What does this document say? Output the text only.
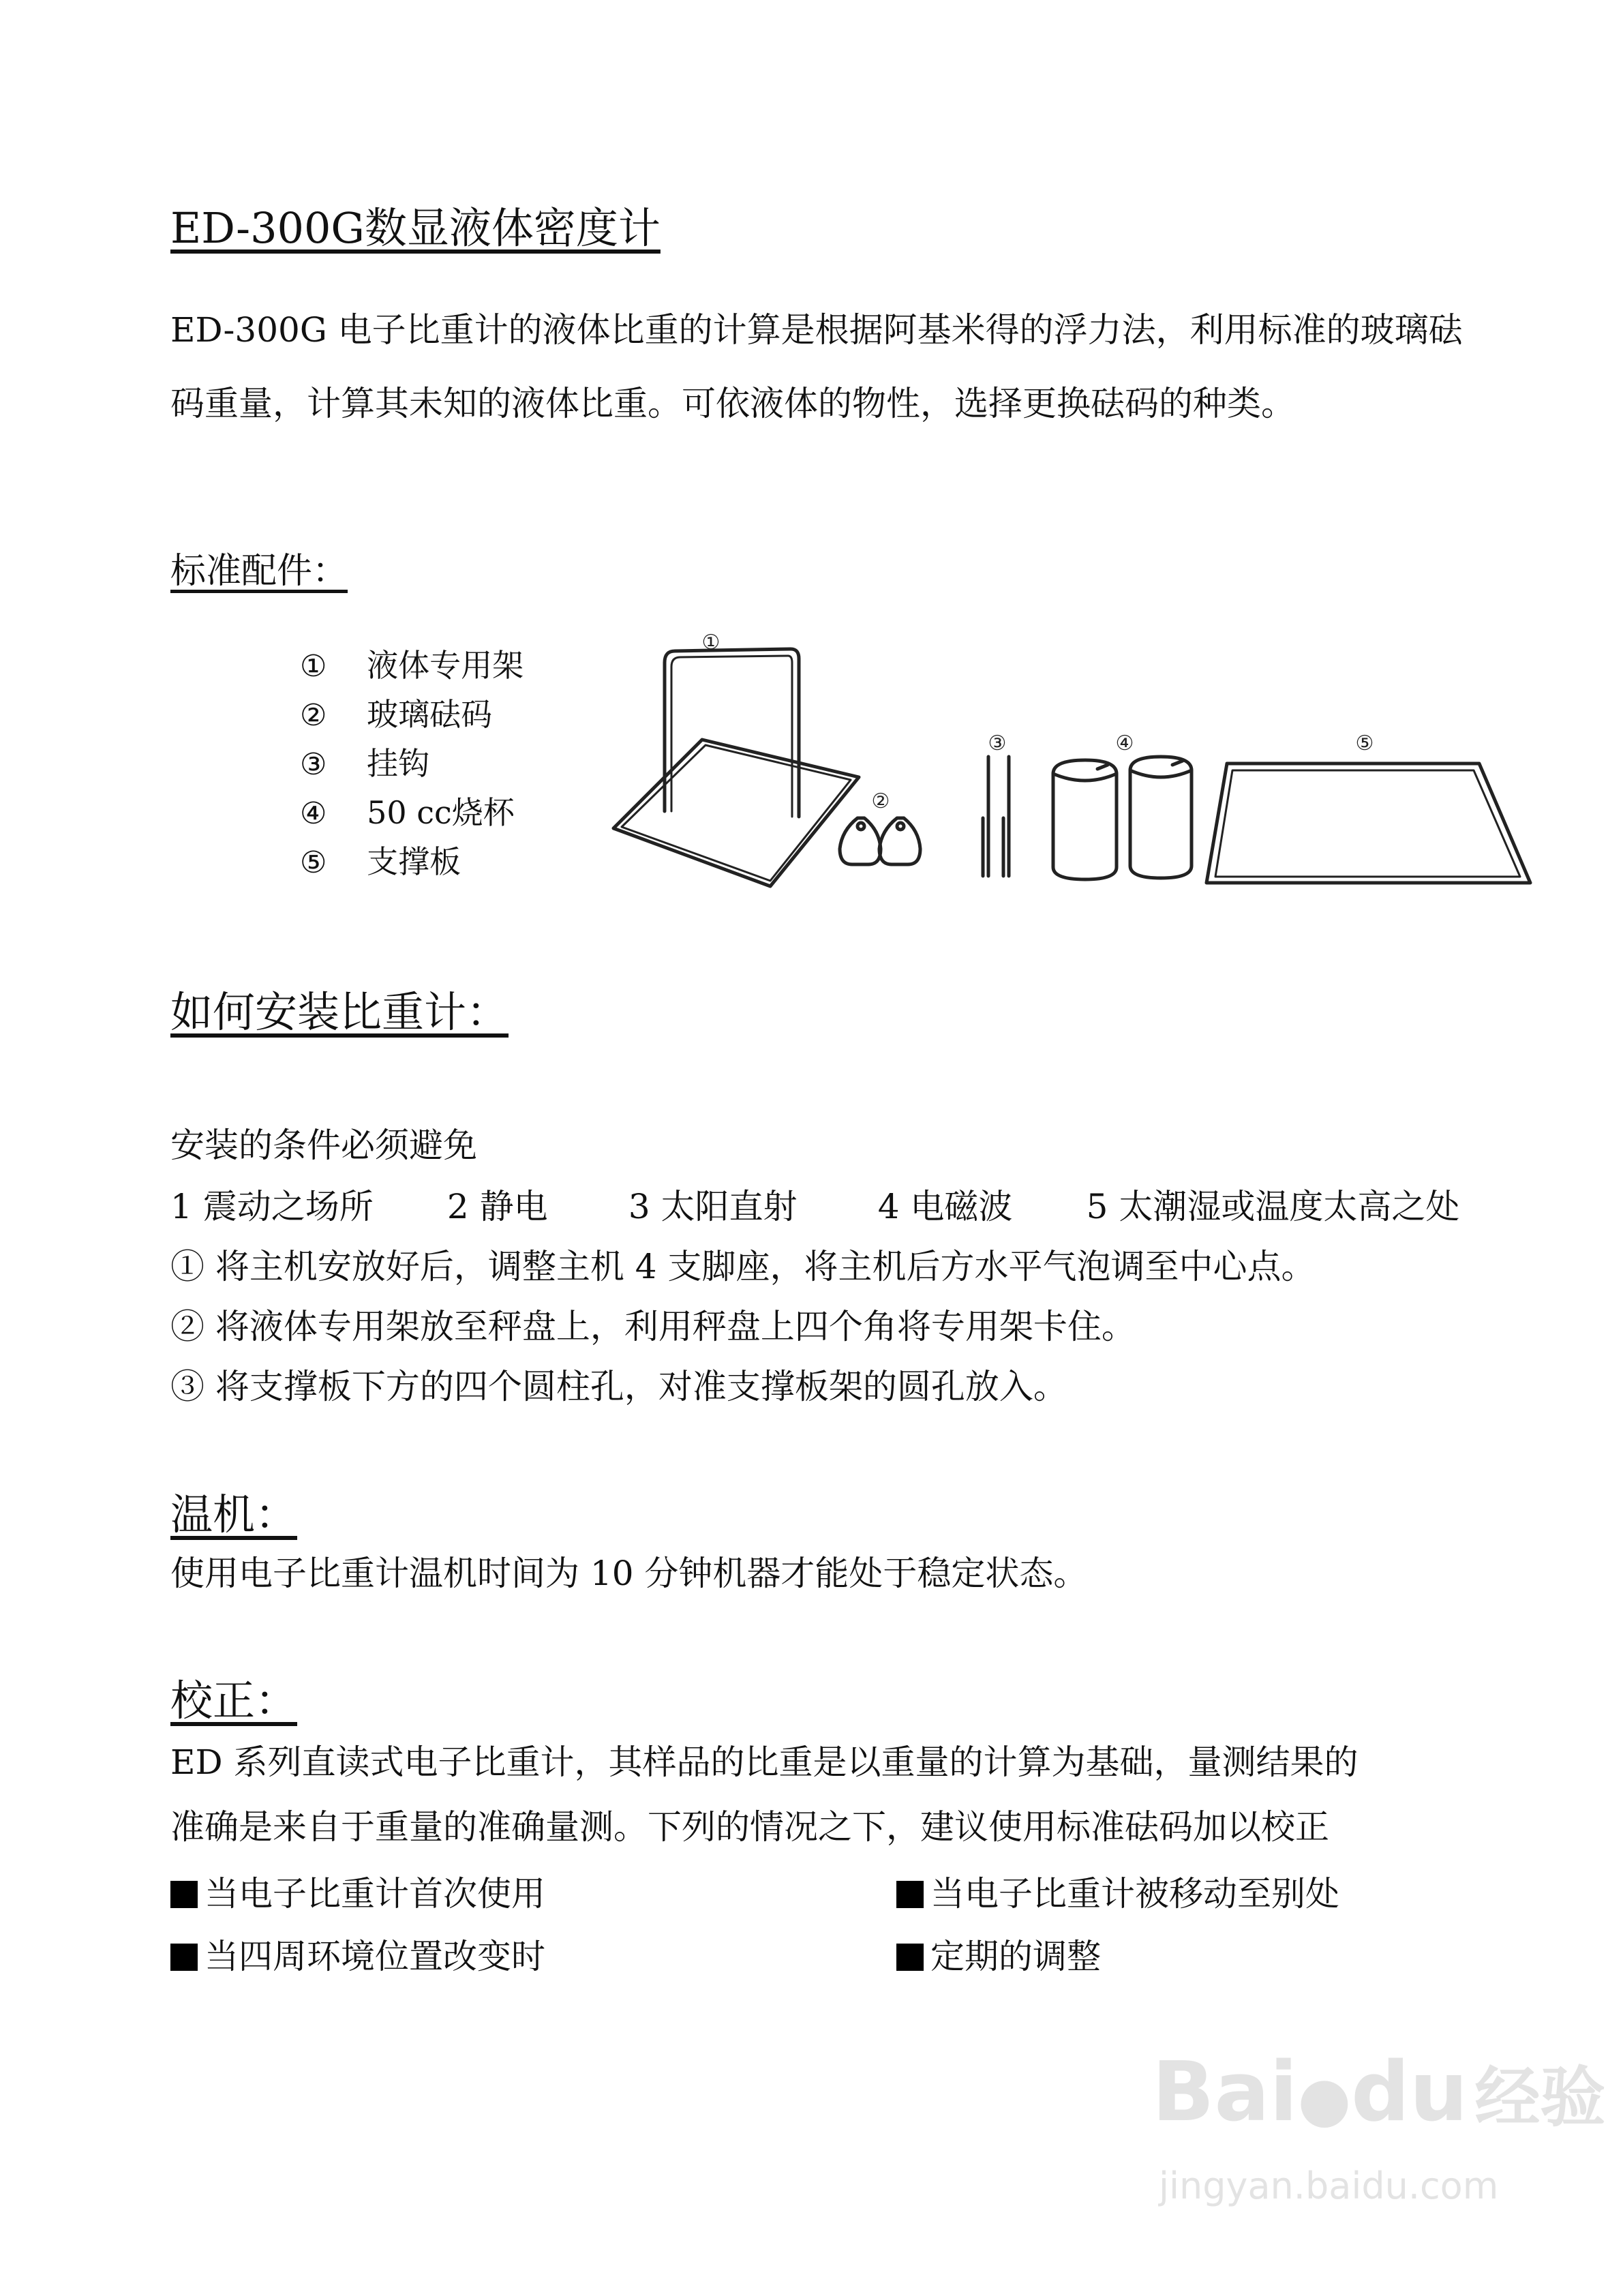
ED-300G数显液体密度计
ED-300G 电子比重计的液体比重的计算是根据阿基米得的浮力法，利用标准的玻璃砝码重量，计算其未知的液体比重。可依液体的物性，选择更换砝码的种类。
标准配件：
① 液体专用架
② 玻璃砝码
③ 挂钩
④ 50 cc烧杯
⑤ 支撑板
①
②
③	④	⑤
如何安装比重计：
安装的条件必须避免
1 震动之场所 2 静电 3 太阳直射 4 电磁波 5 太潮湿或温度太高之处
① 将主机安放好后，调整主机 4 支脚座，将主机后方水平气泡调至中心点。
② 将液体专用架放至秤盘上，利用秤盘上四个角将专用架卡住。
③ 将支撑板下方的四个圆柱孔，对准支撑板架的圆孔放入。
温机：
使用电子比重计温机时间为 10 分钟机器才能处于稳定状态。
校正：
ED 系列直读式电子比重计，其样品的比重是以重量的计算为基础，量测结果的
准确是来自于重量的准确量测。下列的情况之下，建议使用标准砝码加以校正
当电子比重计首次使用	当电子比重计被移动至别处
当四周环境位置改变时	定期的调整
Bai●du 经验
jingyan.baidu.com
